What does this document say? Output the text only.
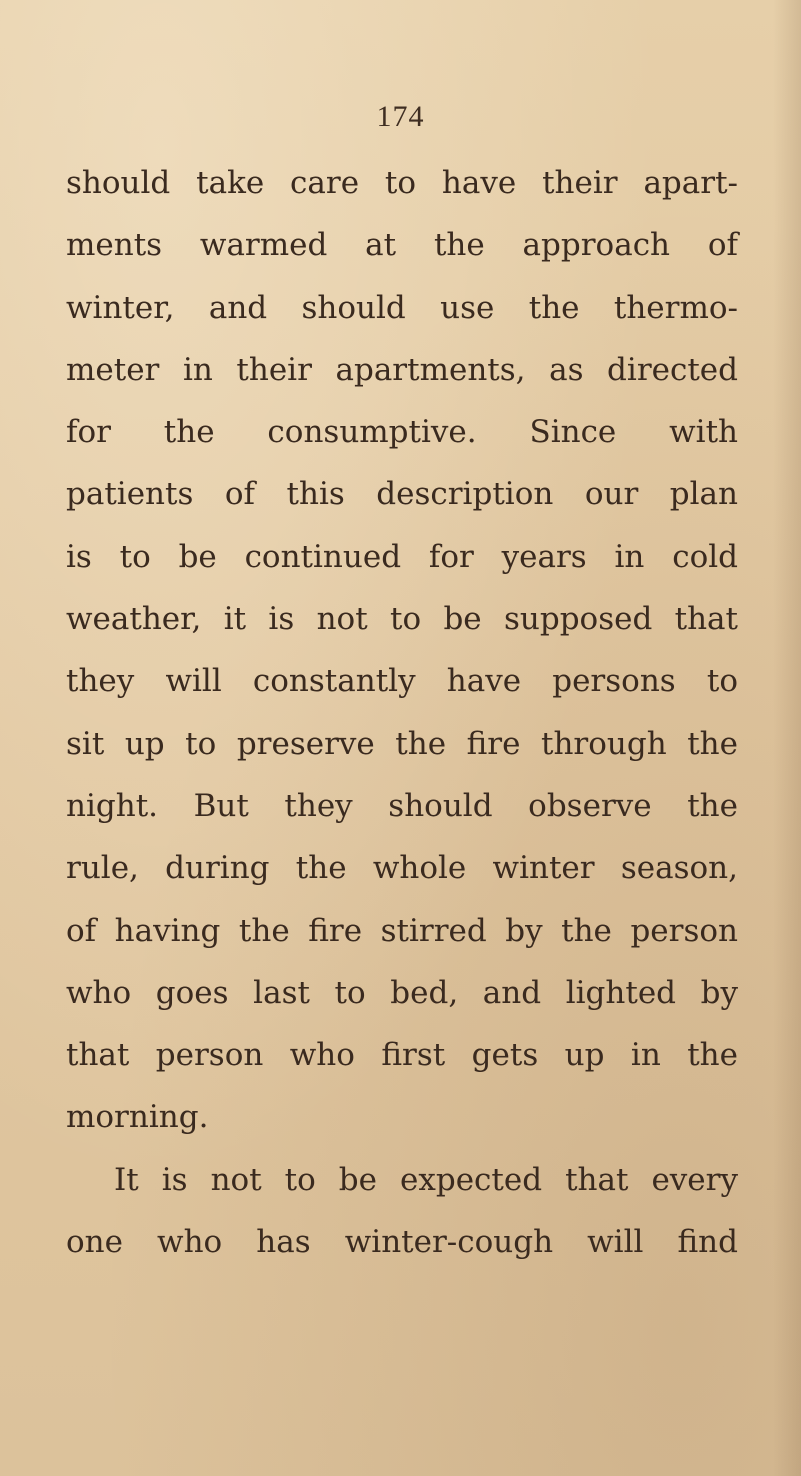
174
should take care to have their apart-
ments warmed at the approach of
winter, and should use the thermo-
meter in their apartments, as directed
for the consumptive. Since with
patients of this description our plan
is to be continued for years in cold
weather, it is not to be supposed that
they will constantly have persons to
sit up to preserve the fire through the
night. But they should observe the
rule, during the whole winter season,
of having the fire stirred by the person
who goes last to bed, and lighted by
that person who first gets up in the
morning.
It is not to be expected that every
one who has winter-cough will find
